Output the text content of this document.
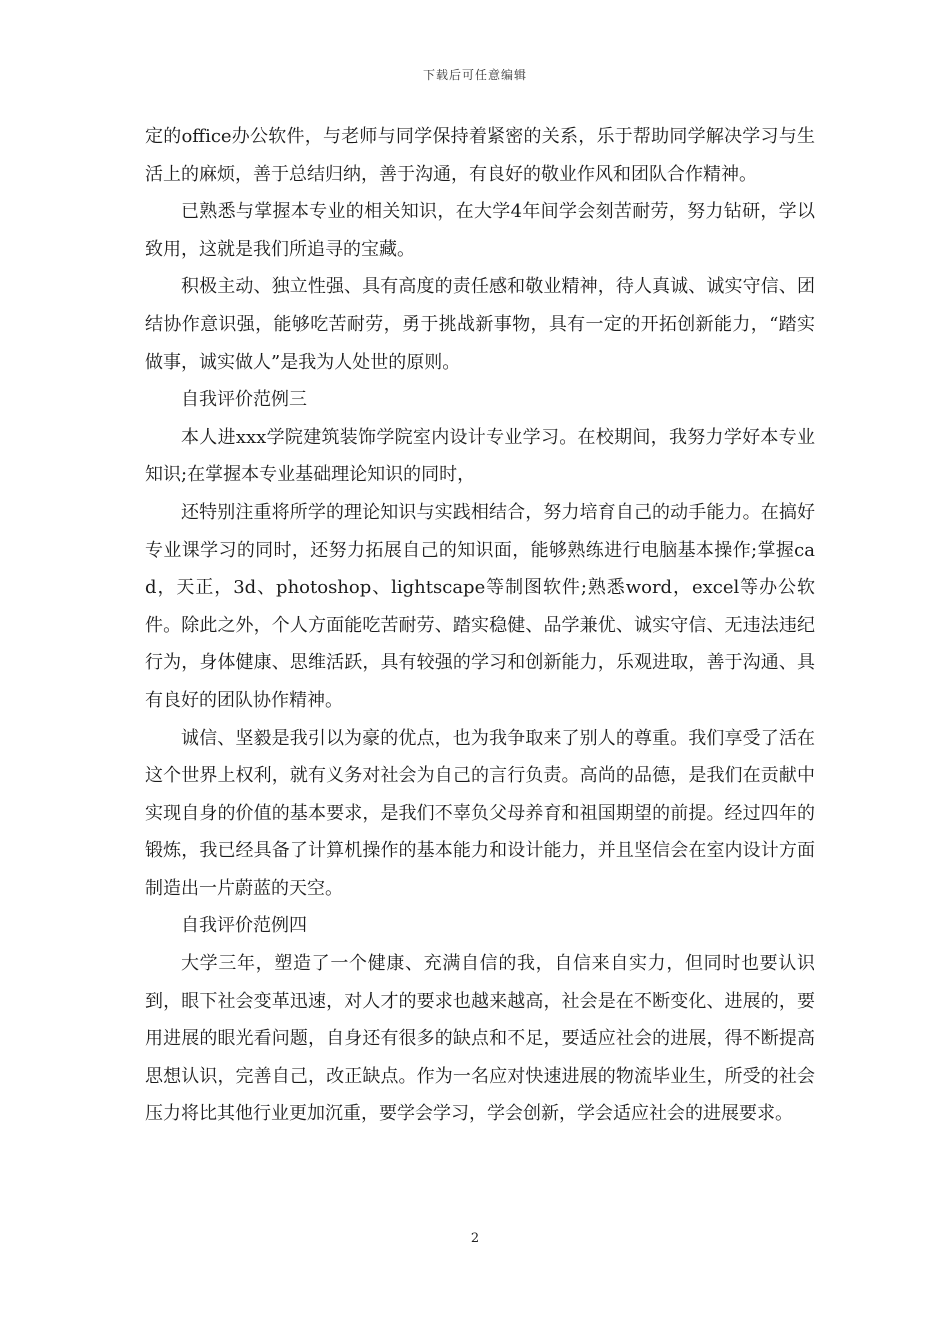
下载后可任意编辑

定的office办公软件，与老师与同学保持着紧密的关系，乐于帮助同学解决学习与生活上的麻烦，善于总结归纳，善于沟通，有良好的敬业作风和团队合作精神。

已熟悉与掌握本专业的相关知识，在大学4年间学会刻苦耐劳，努力钻研，学以致用，这就是我们所追寻的宝藏。

积极主动、独立性强、具有高度的责任感和敬业精神，待人真诚、诚实守信、团结协作意识强，能够吃苦耐劳，勇于挑战新事物，具有一定的开拓创新能力，“踏实做事，诚实做人”是我为人处世的原则。

自我评价范例三

本人进xxx学院建筑装饰学院室内设计专业学习。在校期间，我努力学好本专业知识;在掌握本专业基础理论知识的同时，

还特别注重将所学的理论知识与实践相结合，努力培育自己的动手能力。在搞好专业课学习的同时，还努力拓展自己的知识面，能够熟练进行电脑基本操作;掌握cad，天正，3d、photoshop、lightscape等制图软件;熟悉word，excel等办公软件。除此之外，个人方面能吃苦耐劳、踏实稳健、品学兼优、诚实守信、无违法违纪行为，身体健康、思维活跃，具有较强的学习和创新能力，乐观进取，善于沟通、具有良好的团队协作精神。

诚信、坚毅是我引以为豪的优点，也为我争取来了别人的尊重。我们享受了活在这个世界上权利，就有义务对社会为自己的言行负责。高尚的品德，是我们在贡献中实现自身的价值的基本要求，是我们不辜负父母养育和祖国期望的前提。经过四年的锻炼，我已经具备了计算机操作的基本能力和设计能力，并且坚信会在室内设计方面制造出一片蔚蓝的天空。

自我评价范例四

大学三年，塑造了一个健康、充满自信的我，自信来自实力，但同时也要认识到，眼下社会变革迅速，对人才的要求也越来越高，社会是在不断变化、进展的，要用进展的眼光看问题，自身还有很多的缺点和不足，要适应社会的进展，得不断提高思想认识，完善自己，改正缺点。作为一名应对快速进展的物流毕业生，所受的社会压力将比其他行业更加沉重，要学会学习，学会创新，学会适应社会的进展要求。

2
